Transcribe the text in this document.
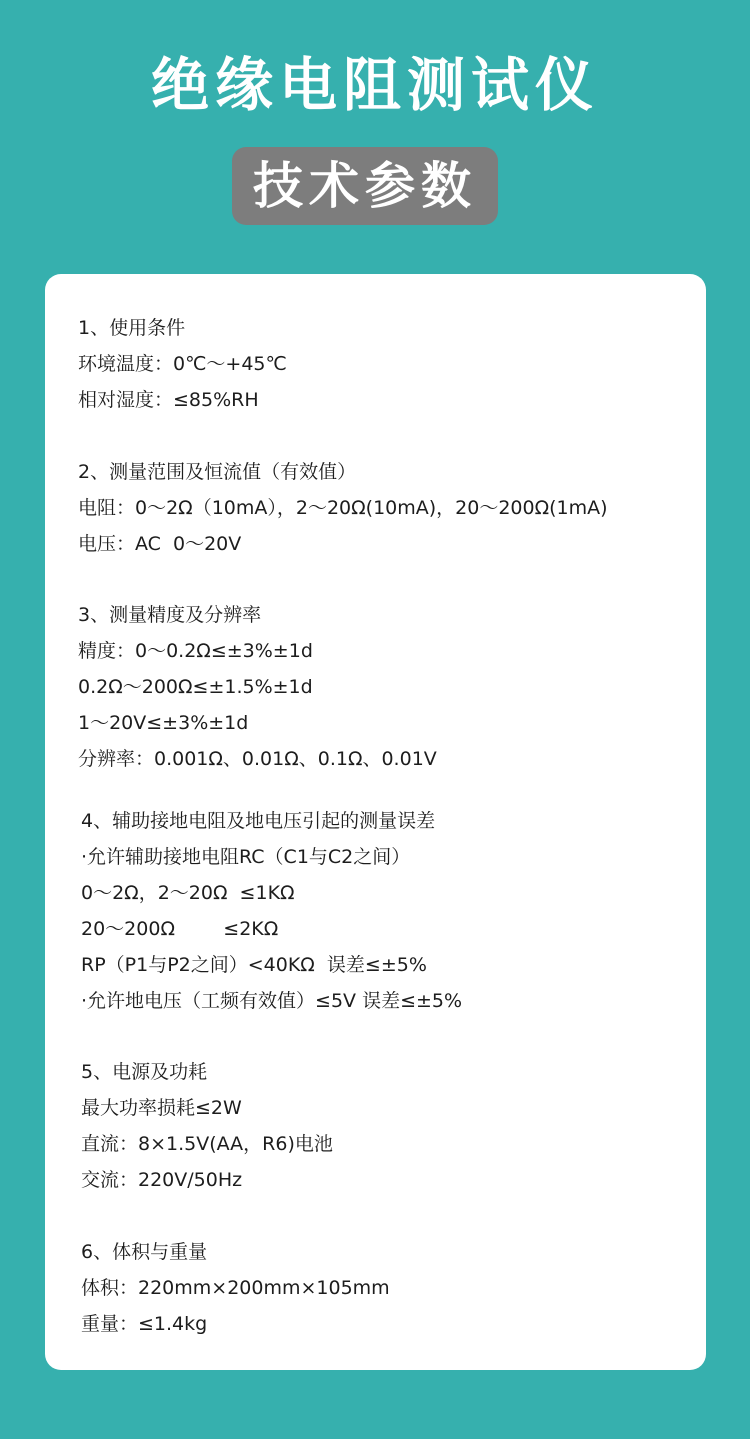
绝缘电阻测试仪
技术参数
1、使用条件
环境温度：0℃～+45℃
相对湿度：≤85%RH
2、测量范围及恒流值（有效值）
电阻：0～2Ω（10mA），2～20Ω(10mA)，20～200Ω(1mA)
电压：AC  0～20V
3、测量精度及分辨率
精度：0～0.2Ω≤±3%±1d
0.2Ω～200Ω≤±1.5%±1d
1～20V≤±3%±1d
分辨率：0.001Ω、0.01Ω、0.1Ω、0.01V
4、辅助接地电阻及地电压引起的测量误差
·允许辅助接地电阻RC（C1与C2之间）
0～2Ω，2～20Ω  ≤1KΩ
20～200Ω        ≤2KΩ
RP（P1与P2之间）<40KΩ  误差≤±5%
·允许地电压（工频有效值）≤5V 误差≤±5%
5、电源及功耗
最大功率损耗≤2W
直流：8×1.5V(AA，R6)电池
交流：220V/50Hz
6、体积与重量
体积：220mm×200mm×105mm
重量：≤1.4kg
